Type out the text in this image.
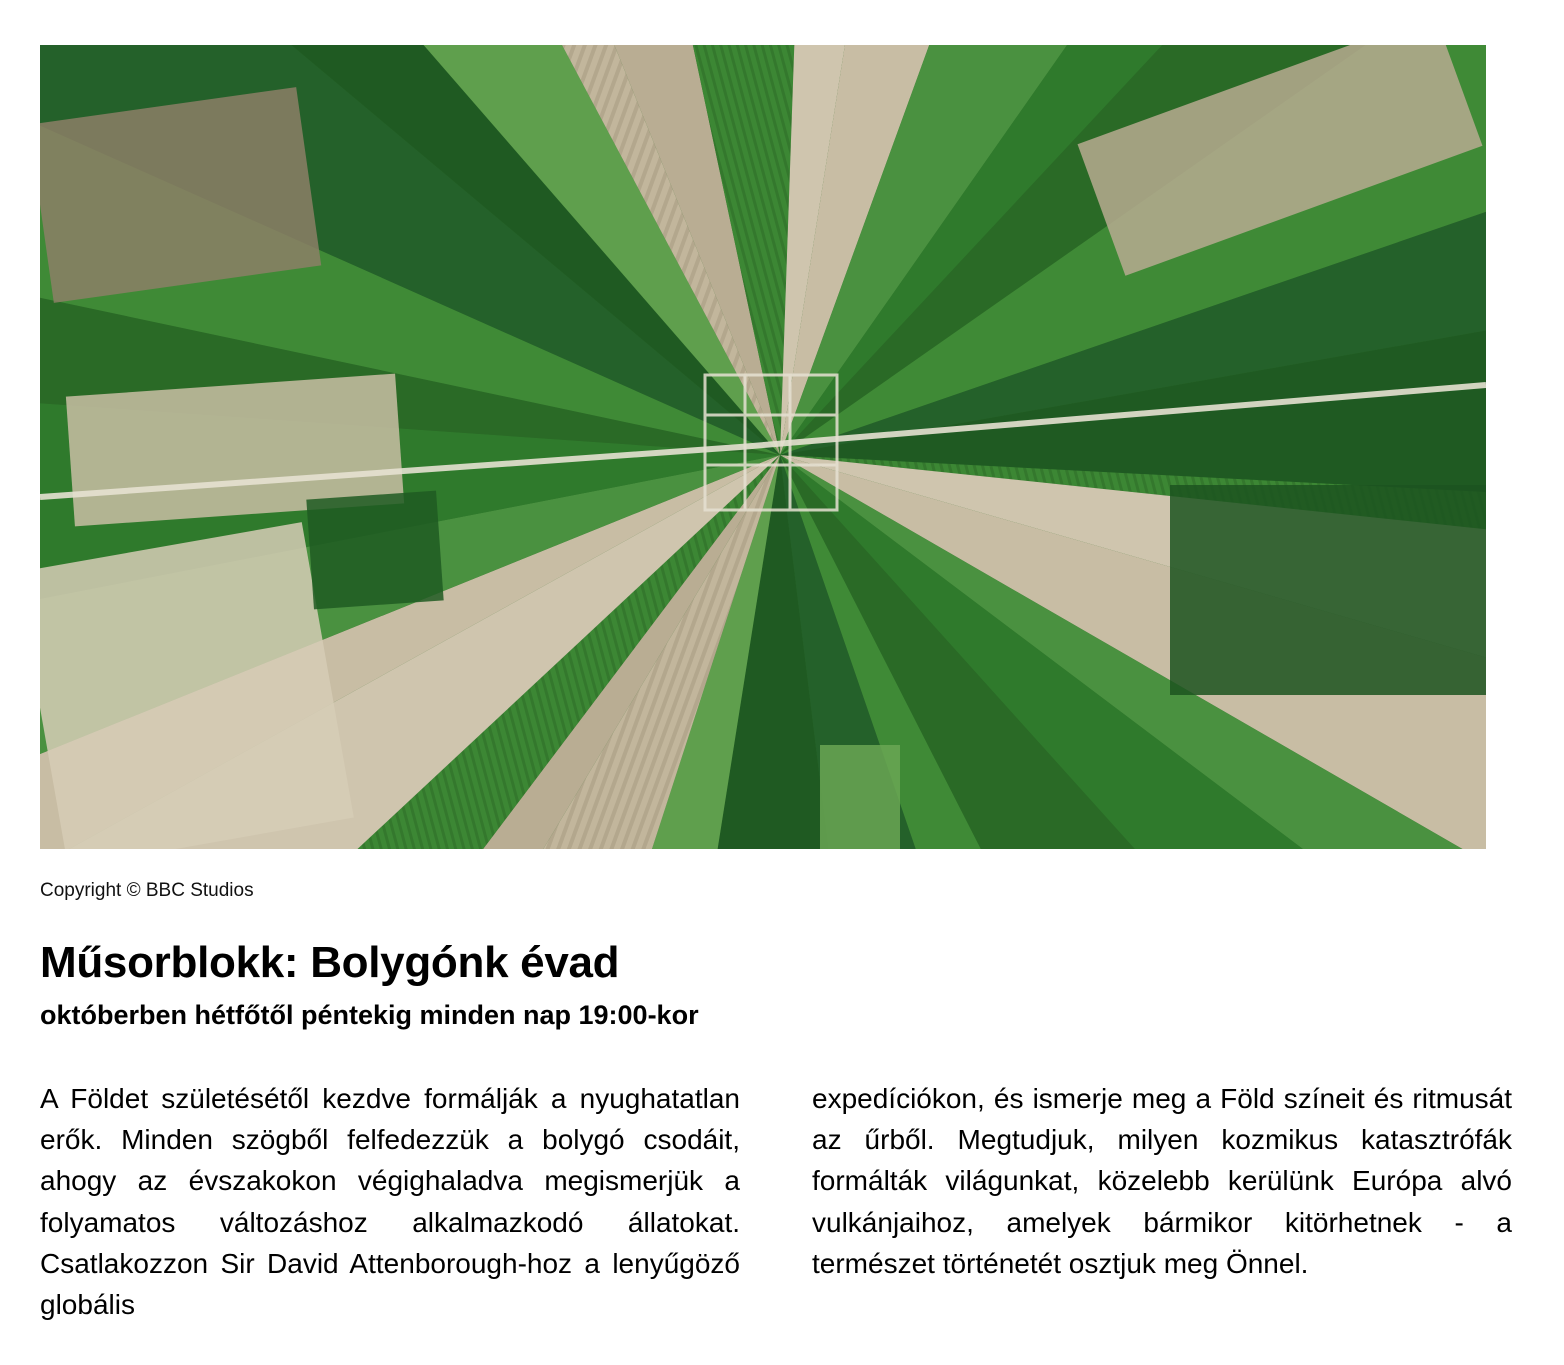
Copyright © BBC Studios
Műsorblokk: Bolygónk évad
októberben hétfőtől péntekig minden nap 19:00-kor

A Földet születésétől kezdve formálják a nyughatatlan erők. Minden szögből felfedezzük a bolygó csodáit, ahogy az évszakokon végighaladva megismerjük a folyamatos változáshoz alkalmazkodó állatokat. Csatlakozzon Sir David Attenborough-hoz a lenyűgöző globális

expedíciókon, és ismerje meg a Föld színeit és ritmusát az űrből. Megtudjuk, milyen kozmikus katasztrófák formálták világunkat, közelebb kerülünk Európa alvó vulkánjaihoz, amelyek bármikor kitörhetnek - a természet történetét osztjuk meg Önnel.
